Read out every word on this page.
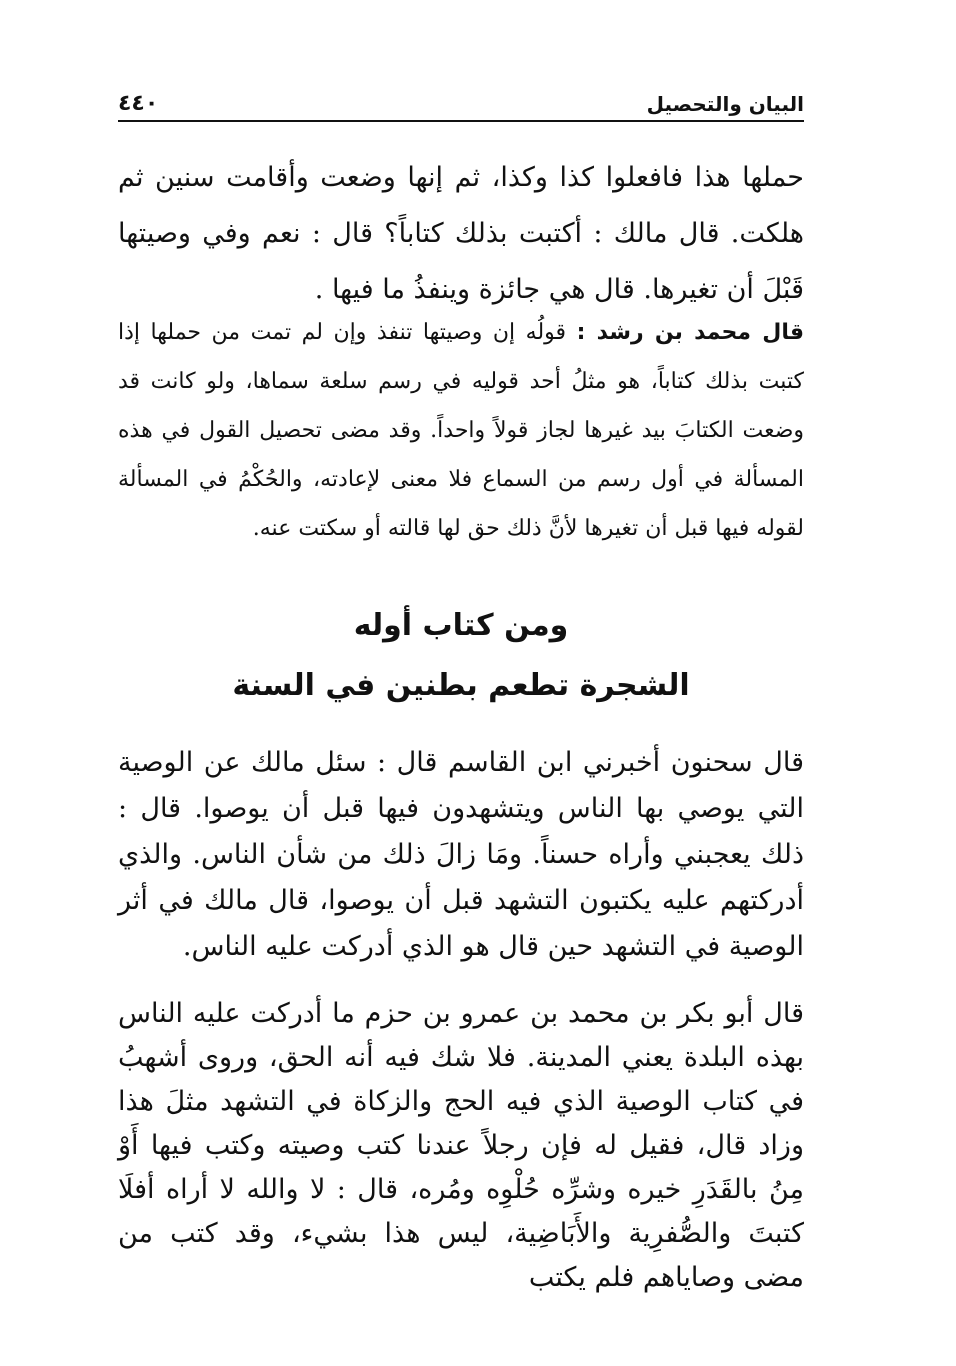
البيان والتحصيل
٤٤٠

حملها هذا فافعلوا كذا وكذا، ثم إنها وضعت وأقامت سنين ثم هلكت. قال مالك : أكتبت بذلك كتاباً؟ قال : نعم وفي وصيتها قَبْلَ أن تغيرها. قال هي جائزة وينفذُ ما فيها .

قال محمد بن رشد : قولُه إن وصيتها تنفذ وإن لم تمت من حملها إذا كتبت بذلك كتاباً، هو مثلُ أحد قوليه في رسم سلعة سماها، ولو كانت قد وضعت الكتابَ بيد غيرها لجاز قولاً واحداً. وقد مضى تحصيل القول في هذه المسألة في أول رسم من السماع فلا معنى لإعادته، والحُكْمُ في المسألة لقوله فيها قبل أن تغيرها لأنَّ ذلك حق لها قالته أو سكتت عنه.

ومن كتاب أوله
الشجرة تطعم بطنين في السنة

قال سحنون أخبرني ابن القاسم قال : سئل مالك عن الوصية التي يوصي بها الناس ويتشهدون فيها قبل أن يوصوا. قال : ذلك يعجبني وأراه حسناً. ومَا زالَ ذلك من شأن الناس. والذي أدركتهم عليه يكتبون التشهد قبل أن يوصوا، قال مالك في أثر الوصية في التشهد حين قال هو الذي أدركت عليه الناس.

قال أبو بكر بن محمد بن عمرو بن حزم ما أدركت عليه الناس بهذه البلدة يعني المدينة. فلا شك فيه أنه الحق، وروى أشهبُ في كتاب الوصية الذي فيه الحج والزكاة في التشهد مثلَ هذا وزاد قال، فقيل له فإن رجلاً عندنا كتب وصيته وكتب فيها أَوْ مِنُ بالقَدَرِ خيره وشرِّه حُلْوِه ومُره، قال : لا والله لا أراه أفلَا كتبتَ والصُّفرِية والأَبَاضِية، ليس هذا بشيء، وقد كتب من مضى وصاياهم فلم يكتب
